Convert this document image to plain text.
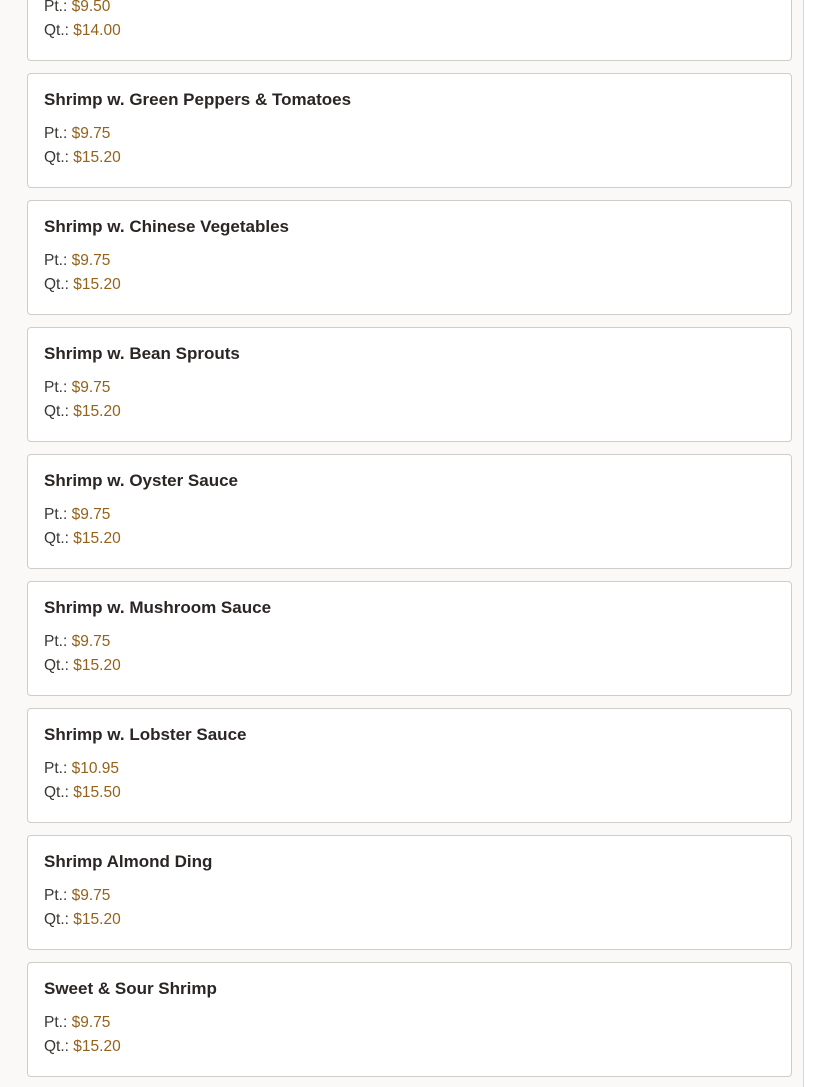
Pt.: $9.50
Qt.: $14.00
Shrimp w. Green Peppers & Tomatoes
Pt.: $9.75
Qt.: $15.20
Shrimp w. Chinese Vegetables
Pt.: $9.75
Qt.: $15.20
Shrimp w. Bean Sprouts
Pt.: $9.75
Qt.: $15.20
Shrimp w. Oyster Sauce
Pt.: $9.75
Qt.: $15.20
Shrimp w. Mushroom Sauce
Pt.: $9.75
Qt.: $15.20
Shrimp w. Lobster Sauce
Pt.: $10.95
Qt.: $15.50
Shrimp Almond Ding
Pt.: $9.75
Qt.: $15.20
Sweet & Sour Shrimp
Pt.: $9.75
Qt.: $15.20
